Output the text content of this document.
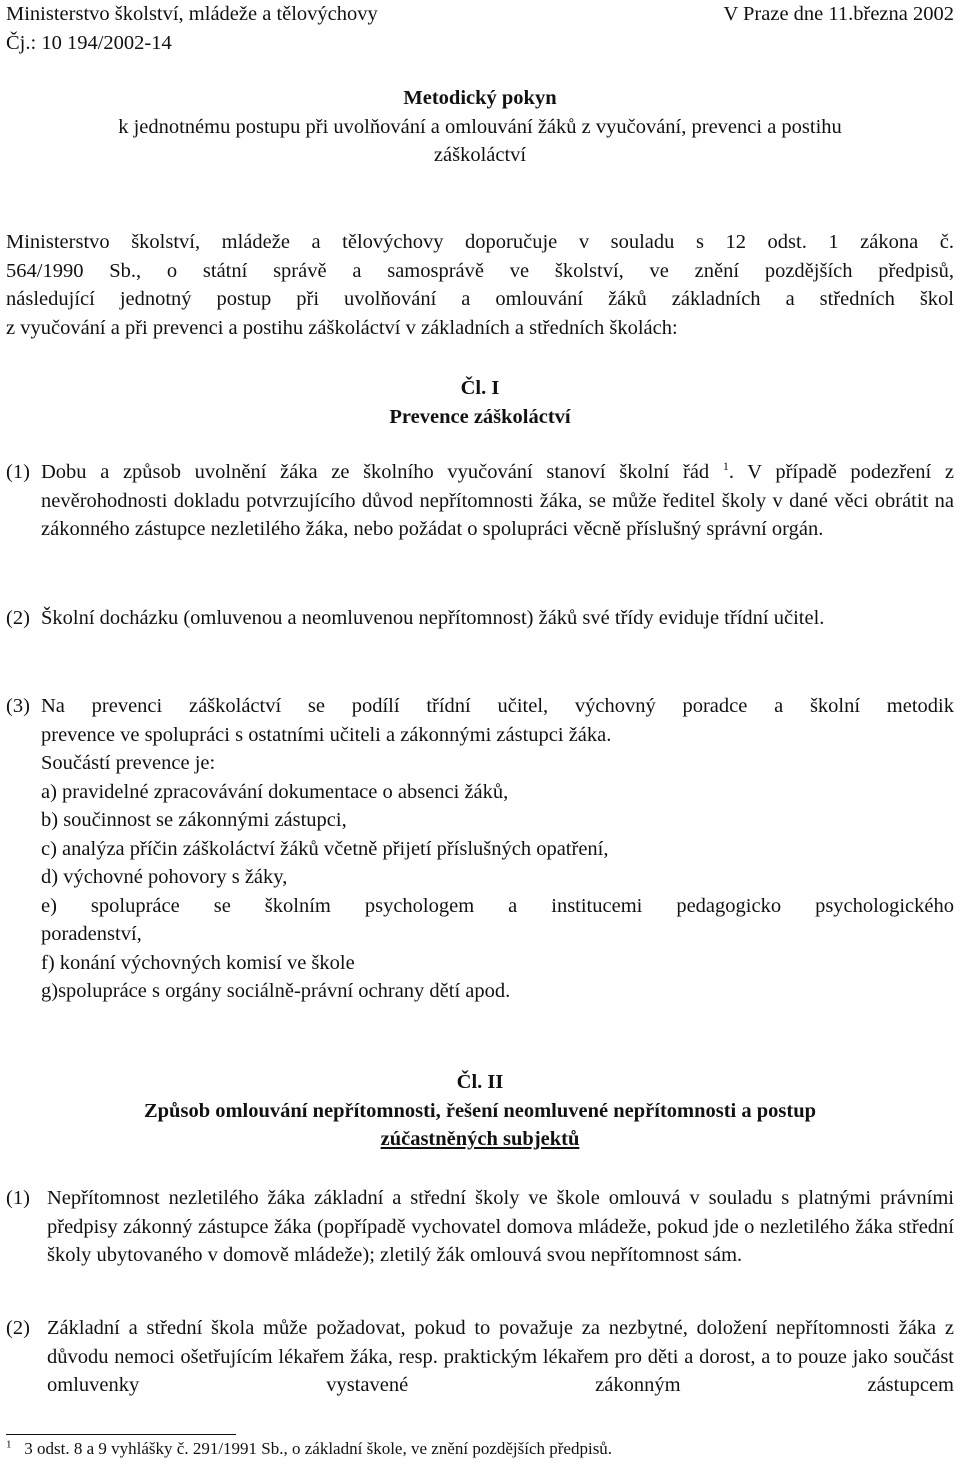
Ministerstvo školství, mládeže a tělovýchovy	V Praze dne 11.března 2002
Čj.: 10 194/2002-14
Metodický pokyn
k jednotnému postupu při uvolňování a omlouvání žáků z vyučování, prevenci a postihu
záškoláctví
Ministerstvo školství, mládeže a tělovýchovy doporučuje v souladu s 12 odst. 1 zákona č.
564/1990 Sb., o státní správě a samosprávě ve školství, ve znění pozdějších předpisů,
následující jednotný postup při uvolňování a omlouvání žáků základních a středních škol
z vyučování a při prevenci a postihu záškoláctví v základních a středních školách:
Čl. I
Prevence záškoláctví
(1) Dobu a způsob uvolnění žáka ze školního vyučování stanoví školní řád $^1$. V případě podezření z nevěrohodnosti dokladu potvrzujícího důvod nepřítomnosti žáka, se může ředitel školy v dané věci obrátit na zákonného zástupce nezletilého žáka, nebo požádat o spolupráci věcně příslušný správní orgán.
(2) Školní docházku (omluvenou a neomluvenou nepřítomnost) žáků své třídy eviduje třídní učitel.
(3) Na prevenci záškoláctví se podílí třídní učitel, výchovný poradce a školní metodik
prevence ve spolupráci s ostatními učiteli a zákonnými zástupci žáka.
Součástí prevence je:
a) pravidelné zpracovávání dokumentace o absenci žáků,
b) součinnost se zákonnými zástupci,
c) analýza příčin záškoláctví žáků včetně přijetí příslušných opatření,
d) výchovné pohovory s žáky,
e) spolupráce se školním psychologem a institucemi pedagogicko psychologického
poradenství,
f) konání výchovných komisí ve škole
g)spolupráce s orgány sociálně-právní ochrany dětí apod.
Čl. II
Způsob omlouvání nepřítomnosti, řešení neomluvené nepřítomnosti a postup
zúčastněných subjektů
(1) Nepřítomnost nezletilého žáka základní a střední školy ve škole omlouvá v souladu s platnými právními předpisy zákonný zástupce žáka (popřípadě vychovatel domova mládeže, pokud jde o nezletilého žáka střední školy ubytovaného v domově mládeže); zletilý žák omlouvá svou nepřítomnost sám.
(2) Základní a střední škola může požadovat, pokud to považuje za nezbytné, doložení nepřítomnosti žáka z důvodu nemoci ošetřujícím lékařem žáka, resp. praktickým lékařem pro děti a dorost, a to pouze jako součást omluvenky vystavené zákonným zástupcem
$^1$ 3 odst. 8 a 9 vyhlášky č. 291/1991 Sb., o základní škole, ve znění pozdějších předpisů.
